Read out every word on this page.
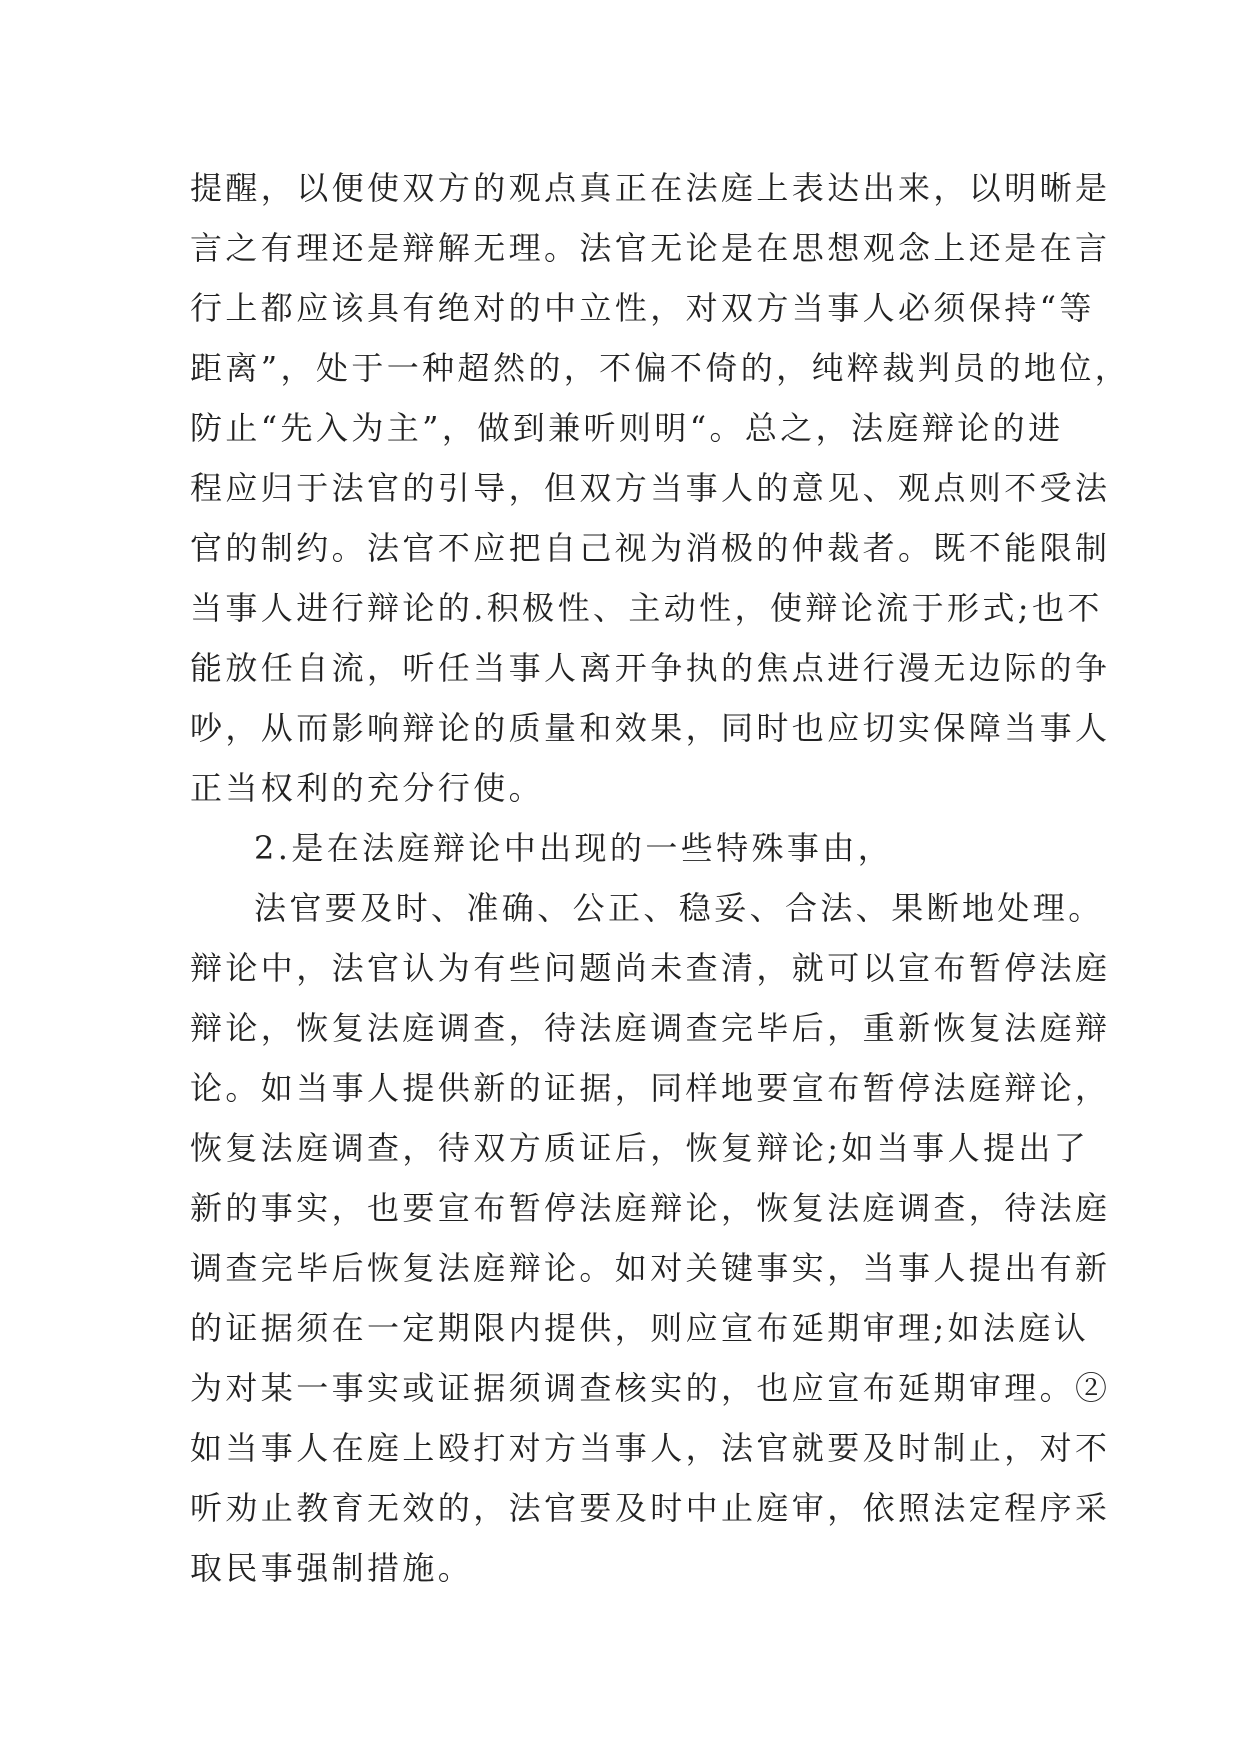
提醒，以便使双方的观点真正在法庭上表达出来，以明晰是
言之有理还是辩解无理。法官无论是在思想观念上还是在言
行上都应该具有绝对的中立性，对双方当事人必须保持“等
距离”，处于一种超然的，不偏不倚的，纯粹裁判员的地位，
防止“先入为主”，做到兼听则明“。总之，法庭辩论的进
程应归于法官的引导，但双方当事人的意见、观点则不受法
官的制约。法官不应把自己视为消极的仲裁者。既不能限制
当事人进行辩论的.积极性、主动性，使辩论流于形式;也不
能放任自流，听任当事人离开争执的焦点进行漫无边际的争
吵，从而影响辩论的质量和效果，同时也应切实保障当事人
正当权利的充分行使。
2.是在法庭辩论中出现的一些特殊事由，
法官要及时、准确、公正、稳妥、合法、果断地处理。
辩论中，法官认为有些问题尚未查清，就可以宣布暂停法庭
辩论，恢复法庭调查，待法庭调查完毕后，重新恢复法庭辩
论。如当事人提供新的证据，同样地要宣布暂停法庭辩论，
恢复法庭调查，待双方质证后，恢复辩论;如当事人提出了
新的事实，也要宣布暂停法庭辩论，恢复法庭调查，待法庭
调查完毕后恢复法庭辩论。如对关键事实，当事人提出有新
的证据须在一定期限内提供，则应宣布延期审理;如法庭认
为对某一事实或证据须调查核实的，也应宣布延期审理。②
如当事人在庭上殴打对方当事人，法官就要及时制止，对不
听劝止教育无效的，法官要及时中止庭审，依照法定程序采
取民事强制措施。
